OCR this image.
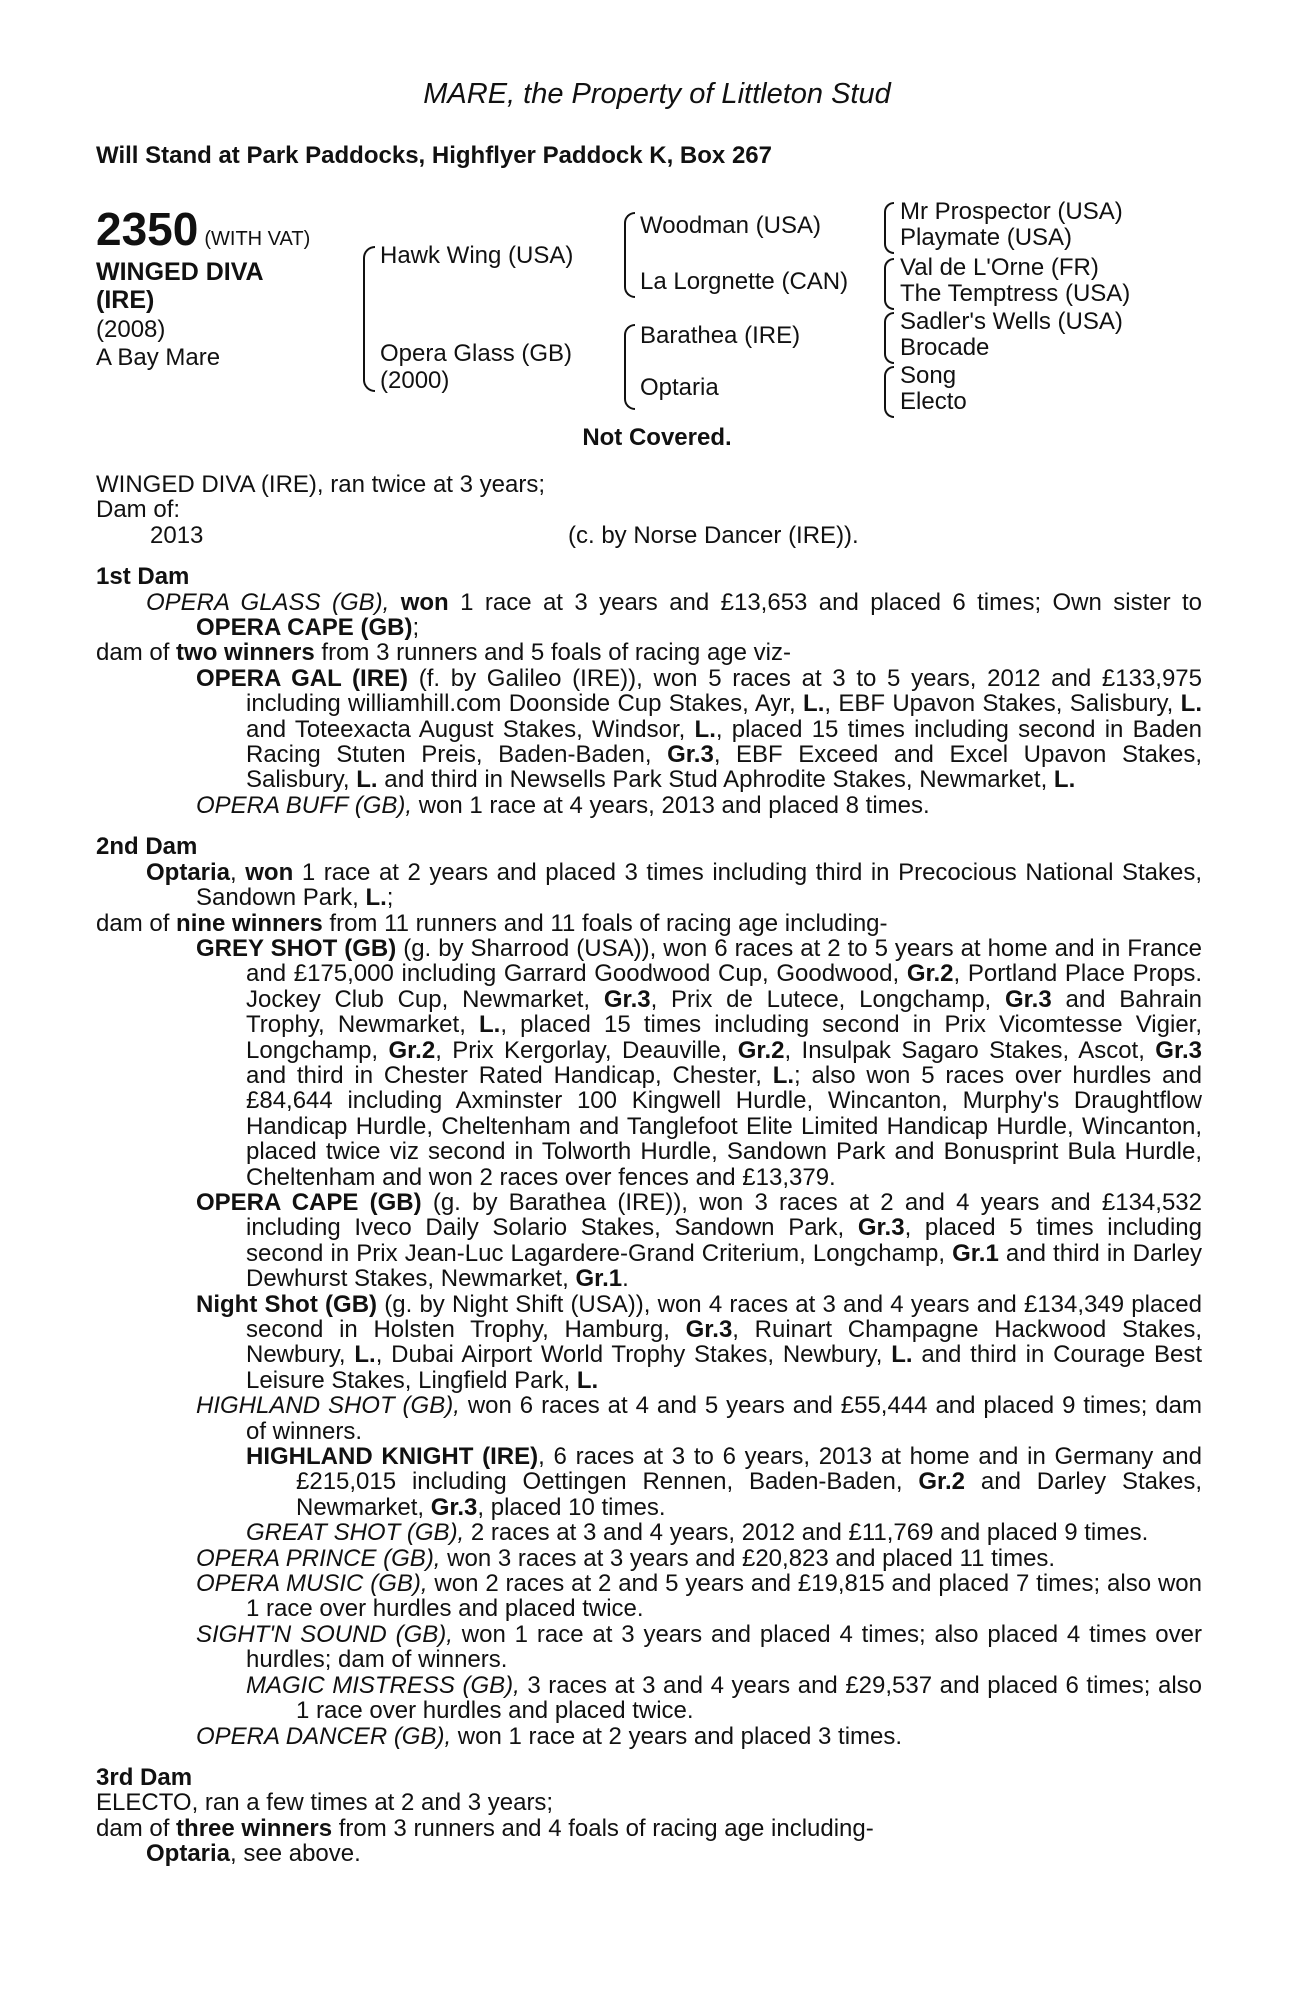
MARE, the Property of Littleton Stud
Will Stand at Park Paddocks, Highflyer Paddock K, Box 267
2350 (WITH VAT)
WINGED DIVA
(IRE)
(2008)
A Bay Mare
Hawk Wing (USA)
Opera Glass (GB)
(2000)
Woodman (USA)
La Lorgnette (CAN)
Barathea (IRE)
Optaria
Mr Prospector (USA)
Playmate (USA)
Val de L'Orne (FR)
The Temptress (USA)
Sadler's Wells (USA)
Brocade
Song
Electo
Not Covered.

WINGED DIVA (IRE), ran twice at 3 years;

Dam of:

2013	(c. by Norse Dancer (IRE)).

1st Dam

OPERA GLASS (GB), won 1 race at 3 years and £13,653 and placed 6 times; Own sister to OPERA CAPE (GB);

dam of two winners from 3 runners and 5 foals of racing age viz-

OPERA GAL (IRE) (f. by Galileo (IRE)), won 5 races at 3 to 5 years, 2012 and £133,975 including williamhill.com Doonside Cup Stakes, Ayr, L., EBF Upavon Stakes, Salisbury, L. and Toteexacta August Stakes, Windsor, L., placed 15 times including second in Baden Racing Stuten Preis, Baden-Baden, Gr.3, EBF Exceed and Excel Upavon Stakes, Salisbury, L. and third in Newsells Park Stud Aphrodite Stakes, Newmarket, L.

OPERA BUFF (GB), won 1 race at 4 years, 2013 and placed 8 times.

2nd Dam

Optaria, won 1 race at 2 years and placed 3 times including third in Precocious National Stakes, Sandown Park, L.;

dam of nine winners from 11 runners and 11 foals of racing age including-

GREY SHOT (GB) (g. by Sharrood (USA)), won 6 races at 2 to 5 years at home and in France and £175,000 including Garrard Goodwood Cup, Goodwood, Gr.2, Portland Place Props. Jockey Club Cup, Newmarket, Gr.3, Prix de Lutece, Longchamp, Gr.3 and Bahrain Trophy, Newmarket, L., placed 15 times including second in Prix Vicomtesse Vigier, Longchamp, Gr.2, Prix Kergorlay, Deauville, Gr.2, Insulpak Sagaro Stakes, Ascot, Gr.3 and third in Chester Rated Handicap, Chester, L.; also won 5 races over hurdles and £84,644 including Axminster 100 Kingwell Hurdle, Wincanton, Murphy's Draughtflow Handicap Hurdle, Cheltenham and Tanglefoot Elite Limited Handicap Hurdle, Wincanton, placed twice viz second in Tolworth Hurdle, Sandown Park and Bonusprint Bula Hurdle, Cheltenham and won 2 races over fences and £13,379.

OPERA CAPE (GB) (g. by Barathea (IRE)), won 3 races at 2 and 4 years and £134,532 including Iveco Daily Solario Stakes, Sandown Park, Gr.3, placed 5 times including second in Prix Jean-Luc Lagardere-Grand Criterium, Longchamp, Gr.1 and third in Darley Dewhurst Stakes, Newmarket, Gr.1.

Night Shot (GB) (g. by Night Shift (USA)), won 4 races at 3 and 4 years and £134,349 placed second in Holsten Trophy, Hamburg, Gr.3, Ruinart Champagne Hackwood Stakes, Newbury, L., Dubai Airport World Trophy Stakes, Newbury, L. and third in Courage Best Leisure Stakes, Lingfield Park, L.

HIGHLAND SHOT (GB), won 6 races at 4 and 5 years and £55,444 and placed 9 times; dam of winners.

HIGHLAND KNIGHT (IRE), 6 races at 3 to 6 years, 2013 at home and in Germany and £215,015 including Oettingen Rennen, Baden-Baden, Gr.2 and Darley Stakes, Newmarket, Gr.3, placed 10 times.

GREAT SHOT (GB), 2 races at 3 and 4 years, 2012 and £11,769 and placed 9 times.

OPERA PRINCE (GB), won 3 races at 3 years and £20,823 and placed 11 times.

OPERA MUSIC (GB), won 2 races at 2 and 5 years and £19,815 and placed 7 times; also won 1 race over hurdles and placed twice.

SIGHT'N SOUND (GB), won 1 race at 3 years and placed 4 times; also placed 4 times over hurdles; dam of winners.

MAGIC MISTRESS (GB), 3 races at 3 and 4 years and £29,537 and placed 6 times; also 1 race over hurdles and placed twice.

OPERA DANCER (GB), won 1 race at 2 years and placed 3 times.

3rd Dam

ELECTO, ran a few times at 2 and 3 years;

dam of three winners from 3 runners and 4 foals of racing age including-

Optaria, see above.
